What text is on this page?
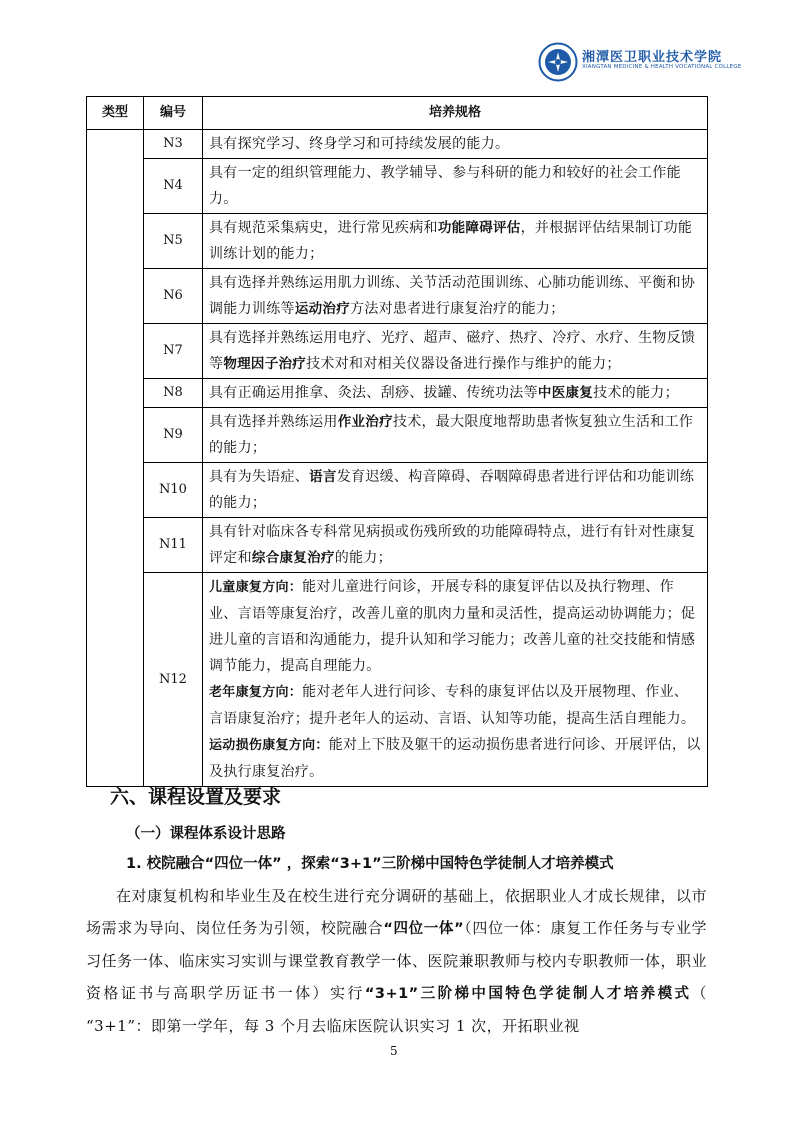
湘潭医卫职业技术学院
XIANGTAN MEDICINE & HEALTH VOCATIONAL COLLEGE
类型	编号	培养规格
	N3	具有探究学习、终身学习和可持续发展的能力。
	N4	具有一定的组织管理能力、教学辅导、参与科研的能力和较好的社会工作能力。
	N5	具有规范采集病史，进行常见疾病和功能障碍评估，并根据评估结果制订功能训练计划的能力；
	N6	具有选择并熟练运用肌力训练、关节活动范围训练、心肺功能训练、平衡和协调能力训练等运动治疗方法对患者进行康复治疗的能力；
	N7	具有选择并熟练运用电疗、光疗、超声、磁疗、热疗、冷疗、水疗、生物反馈等物理因子治疗技术对和对相关仪器设备进行操作与维护的能力；
	N8	具有正确运用推拿、灸法、刮痧、拔罐、传统功法等中医康复技术的能力；
	N9	具有选择并熟练运用作业治疗技术，最大限度地帮助患者恢复独立生活和工作的能力；
	N10	具有为失语症、语言发育迟缓、构音障碍、吞咽障碍患者进行评估和功能训练的能力；
	N11	具有针对临床各专科常见病损或伤残所致的功能障碍特点，进行有针对性康复评定和综合康复治疗的能力；
	N12	儿童康复方向：能对儿童进行问诊，开展专科的康复评估以及执行物理、作业、言语等康复治疗，改善儿童的肌肉力量和灵活性，提高运动协调能力；促进儿童的言语和沟通能力，提升认知和学习能力；改善儿童的社交技能和情感调节能力，提高自理能力。
老年康复方向：能对老年人进行问诊、专科的康复评估以及开展物理、作业、言语康复治疗；提升老年人的运动、言语、认知等功能，提高生活自理能力。
运动损伤康复方向：能对上下肢及躯干的运动损伤患者进行问诊、开展评估，以及执行康复治疗。
六、课程设置及要求
（一）课程体系设计思路
1. 校院融合“四位一体” ，探索“3+1”三阶梯中国特色学徒制人才培养模式
在对康复机构和毕业生及在校生进行充分调研的基础上，依据职业人才成长规律，以市场需求为导向、岗位任务为引领，校院融合“四位一体”（四位一体：康复工作任务与专业学习任务一体、临床实习实训与课堂教育教学一体、医院兼职教师与校内专职教师一体，职业资格证书与高职学历证书一体）实行“3+1”三阶梯中国特色学徒制人才培养模式（ “3+1”：即第一学年，每 3 个月去临床医院认识实习 1 次，开拓职业视
5
